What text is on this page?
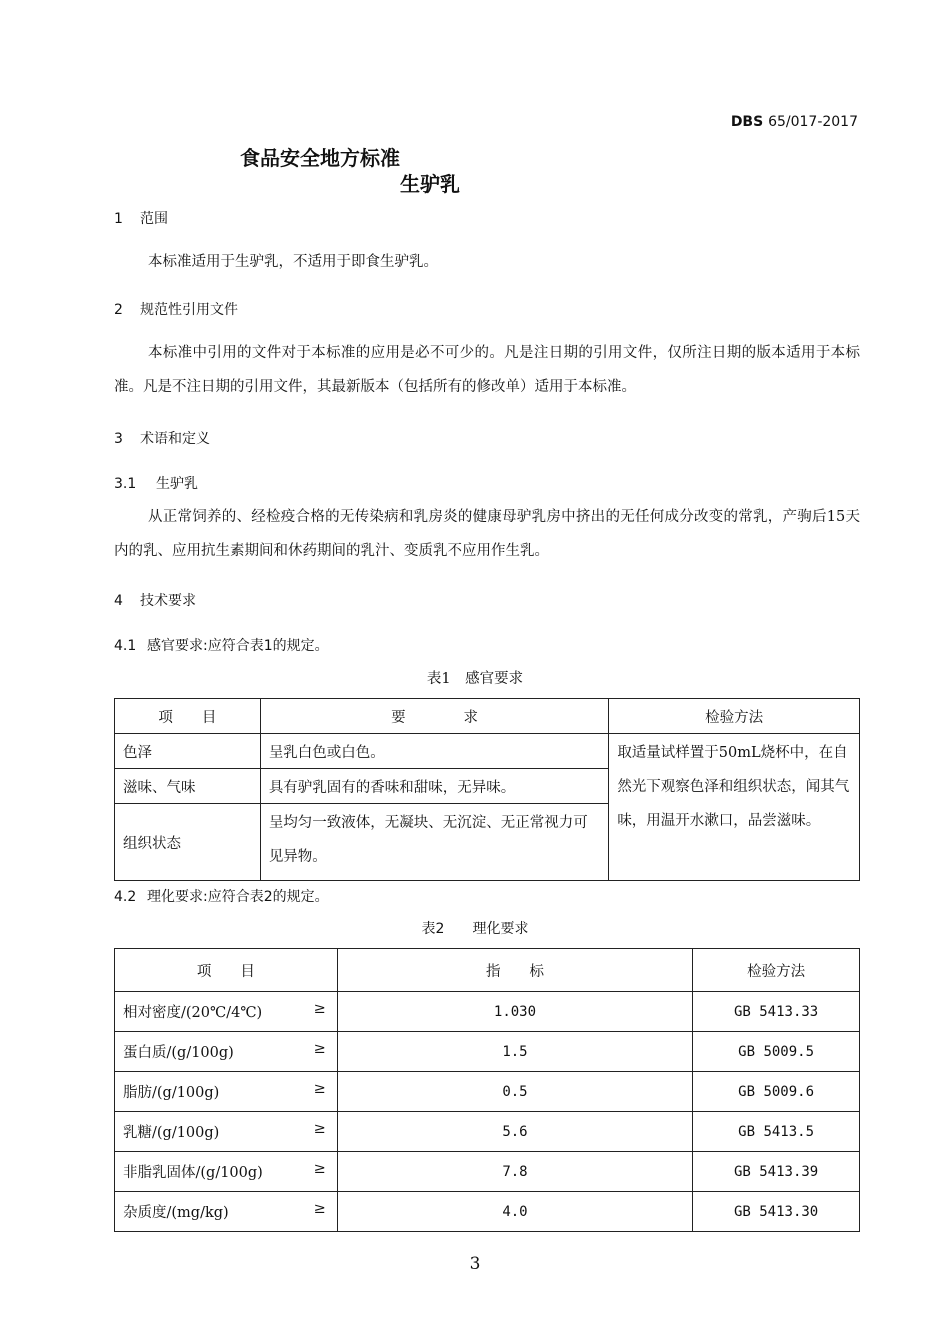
DBS 65/017-2017
食品安全地方标准
生驴乳
1 范围
本标准适用于生驴乳，不适用于即食生驴乳。
2 规范性引用文件
本标准中引用的文件对于本标准的应用是必不可少的。凡是注日期的引用文件，仅所注日期的版本适用于本标准。凡是不注日期的引用文件，其最新版本（包括所有的修改单）适用于本标准。
3 术语和定义
3.1 生驴乳
从正常饲养的、经检疫合格的无传染病和乳房炎的健康母驴乳房中挤出的无任何成分改变的常乳，产驹后15天内的乳、应用抗生素期间和休药期间的乳汁、变质乳不应用作生乳。
4 技术要求
4.1 感官要求:应符合表1的规定。
表1　感官要求
项　　目	要　　　　求	检验方法
色泽	呈乳白色或白色。	取适量试样置于50mL烧杯中，在自然光下观察色泽和组织状态，闻其气味，用温开水漱口，品尝滋味。
滋味、气味	具有驴乳固有的香味和甜味，无异味。	
组织状态	呈均匀一致液体，无凝块、无沉淀、无正常视力可见异物。	
4.2 理化要求:应符合表2的规定。
表2　　理化要求
项　　目	指　　标	检验方法
相对密度/(20℃/4℃) ≥	1.030	GB 5413.33
蛋白质/(g/100g) ≥	1.5	GB 5009.5
脂肪/(g/100g) ≥	0.5	GB 5009.6
乳糖/(g/100g) ≥	5.6	GB 5413.5
非脂乳固体/(g/100g) ≥	7.8	GB 5413.39
杂质度/(mg/kg) ≥	4.0	GB 5413.30
3
